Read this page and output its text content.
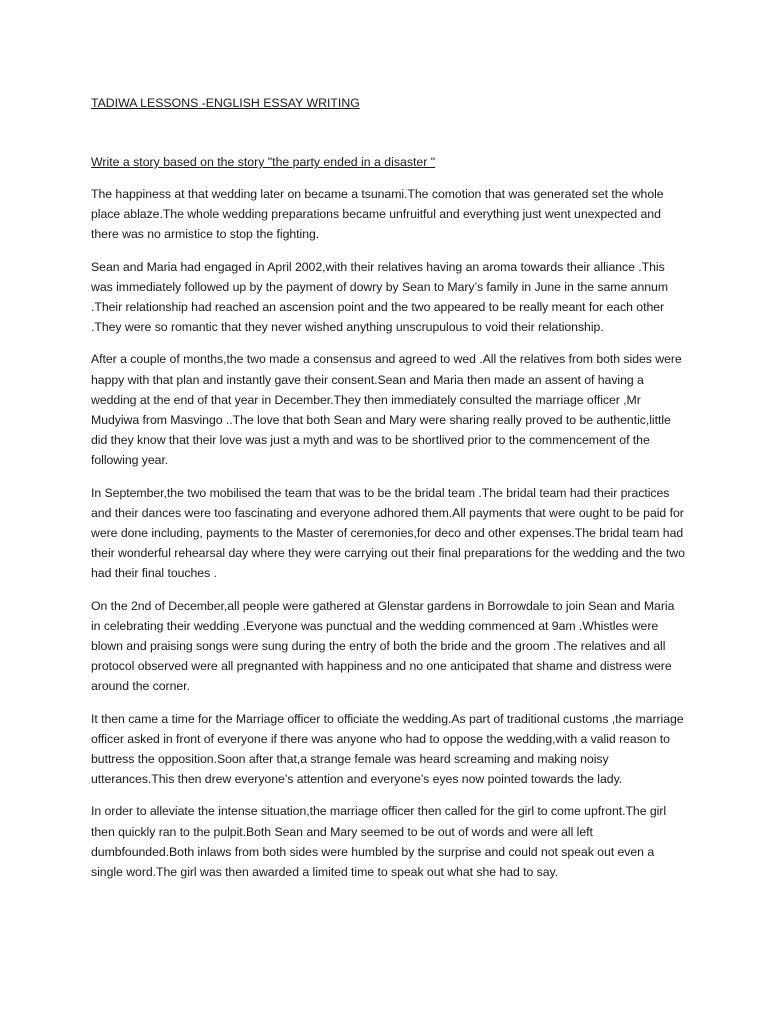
TADIWA LESSONS -ENGLISH ESSAY WRITING

Write a story based on the story "the party ended in a disaster "

The happiness at that wedding later on became a tsunami.The comotion that was generated set the whole place ablaze.The whole wedding preparations became unfruitful and everything just went unexpected and there was no armistice to stop the fighting.

Sean and Maria had engaged in April 2002,with their relatives having an aroma towards their alliance .This was immediately followed up by the payment of dowry by Sean to Mary’s family in June in the same annum .Their relationship had reached an ascension point and the two appeared to be really meant for each other .They were so romantic that they never wished anything unscrupulous to void their relationship.

After a couple of months,the two made a consensus and agreed to wed .All the relatives from both sides were happy with that plan and instantly gave their consent.Sean and Maria then made an assent of having a wedding at the end of that year in December.They then immediately consulted the marriage officer ,Mr Mudyiwa from Masvingo ..The love that both Sean and Mary were sharing really proved to be authentic,little did they know that their love was just a myth and was to be shortlived prior to the commencement of the following year.

In September,the two mobilised the team that was to be the bridal team .The bridal team had their practices and their dances were too fascinating and everyone adhored them.All payments that were ought to be paid for were done including, payments to the Master of ceremonies,for deco and other expenses.The bridal team had their wonderful rehearsal day where they were carrying out their final preparations for the wedding and the two had their final touches .

On the 2nd of December,all people were gathered at Glenstar gardens in Borrowdale to join Sean and Maria in celebrating their wedding .Everyone was punctual and the wedding commenced at 9am .Whistles were blown and praising songs were sung during the entry of both the bride and the groom .The relatives and all protocol observed were all pregnanted with happiness and no one anticipated that shame and distress were around the corner.

It then came a time for the Marriage officer to officiate the wedding.As part of traditional customs ,the marriage officer asked in front of everyone if there was anyone who had to oppose the wedding,with a valid reason to buttress the opposition.Soon after that,a strange female was heard screaming and making noisy utterances.This then drew everyone’s attention and everyone’s eyes now pointed towards the lady.

In order to alleviate the intense situation,the marriage officer then called for the girl to come upfront.The girl then quickly ran to the pulpit.Both Sean and Mary seemed to be out of words and were all left dumbfounded.Both inlaws from both sides were humbled by the surprise and could not speak out even a single word.The girl was then awarded a limited time to speak out what she had to say.
